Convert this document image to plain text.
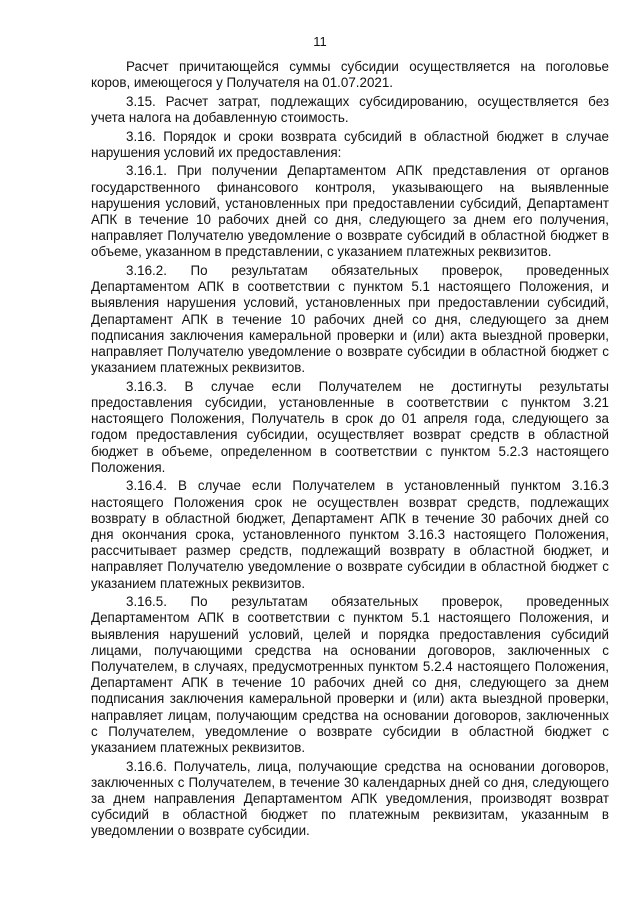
11

Расчет причитающейся суммы субсидии осуществляется на поголовье коров, имеющегося у Получателя на 01.07.2021.

3.15. Расчет затрат, подлежащих субсидированию, осуществляется без учета налога на добавленную стоимость.

3.16. Порядок и сроки возврата субсидий в областной бюджет в случае нарушения условий их предоставления:

3.16.1. При получении Департаментом АПК представления от органов государственного финансового контроля, указывающего на выявленные нарушения условий, установленных при предоставлении субсидий, Департамент АПК в течение 10 рабочих дней со дня, следующего за днем его получения, направляет Получателю уведомление о возврате субсидий в областной бюджет в объеме, указанном в представлении, с указанием платежных реквизитов.

3.16.2. По результатам обязательных проверок, проведенных Департаментом АПК в соответствии с пунктом 5.1 настоящего Положения, и выявления нарушения условий, установленных при предоставлении субсидий, Департамент АПК в течение 10 рабочих дней со дня, следующего за днем подписания заключения камеральной проверки и (или) акта выездной проверки, направляет Получателю уведомление о возврате субсидии в областной бюджет с указанием платежных реквизитов.

3.16.3. В случае если Получателем не достигнуты результаты предоставления субсидии, установленные в соответствии с пунктом 3.21 настоящего Положения, Получатель в срок до 01 апреля года, следующего за годом предоставления субсидии, осуществляет возврат средств в областной бюджет в объеме, определенном в соответствии с пунктом 5.2.3 настоящего Положения.

3.16.4. В случае если Получателем в установленный пунктом 3.16.3 настоящего Положения срок не осуществлен возврат средств, подлежащих возврату в областной бюджет, Департамент АПК в течение 30 рабочих дней со дня окончания срока, установленного пунктом 3.16.3 настоящего Положения, рассчитывает размер средств, подлежащий возврату в областной бюджет, и направляет Получателю уведомление о возврате субсидии в областной бюджет с указанием платежных реквизитов.

3.16.5. По результатам обязательных проверок, проведенных Департаментом АПК в соответствии с пунктом 5.1 настоящего Положения, и выявления нарушений условий, целей и порядка предоставления субсидий лицами, получающими средства на основании договоров, заключенных с Получателем, в случаях, предусмотренных пунктом 5.2.4 настоящего Положения, Департамент АПК в течение 10 рабочих дней со дня, следующего за днем подписания заключения камеральной проверки и (или) акта выездной проверки, направляет лицам, получающим средства на основании договоров, заключенных с Получателем, уведомление о возврате субсидии в областной бюджет с указанием платежных реквизитов.

3.16.6. Получатель, лица, получающие средства на основании договоров, заключенных с Получателем, в течение 30 календарных дней со дня, следующего за днем направления Департаментом АПК уведомления, производят возврат субсидий в областной бюджет по платежным реквизитам, указанным в уведомлении о возврате субсидии.
